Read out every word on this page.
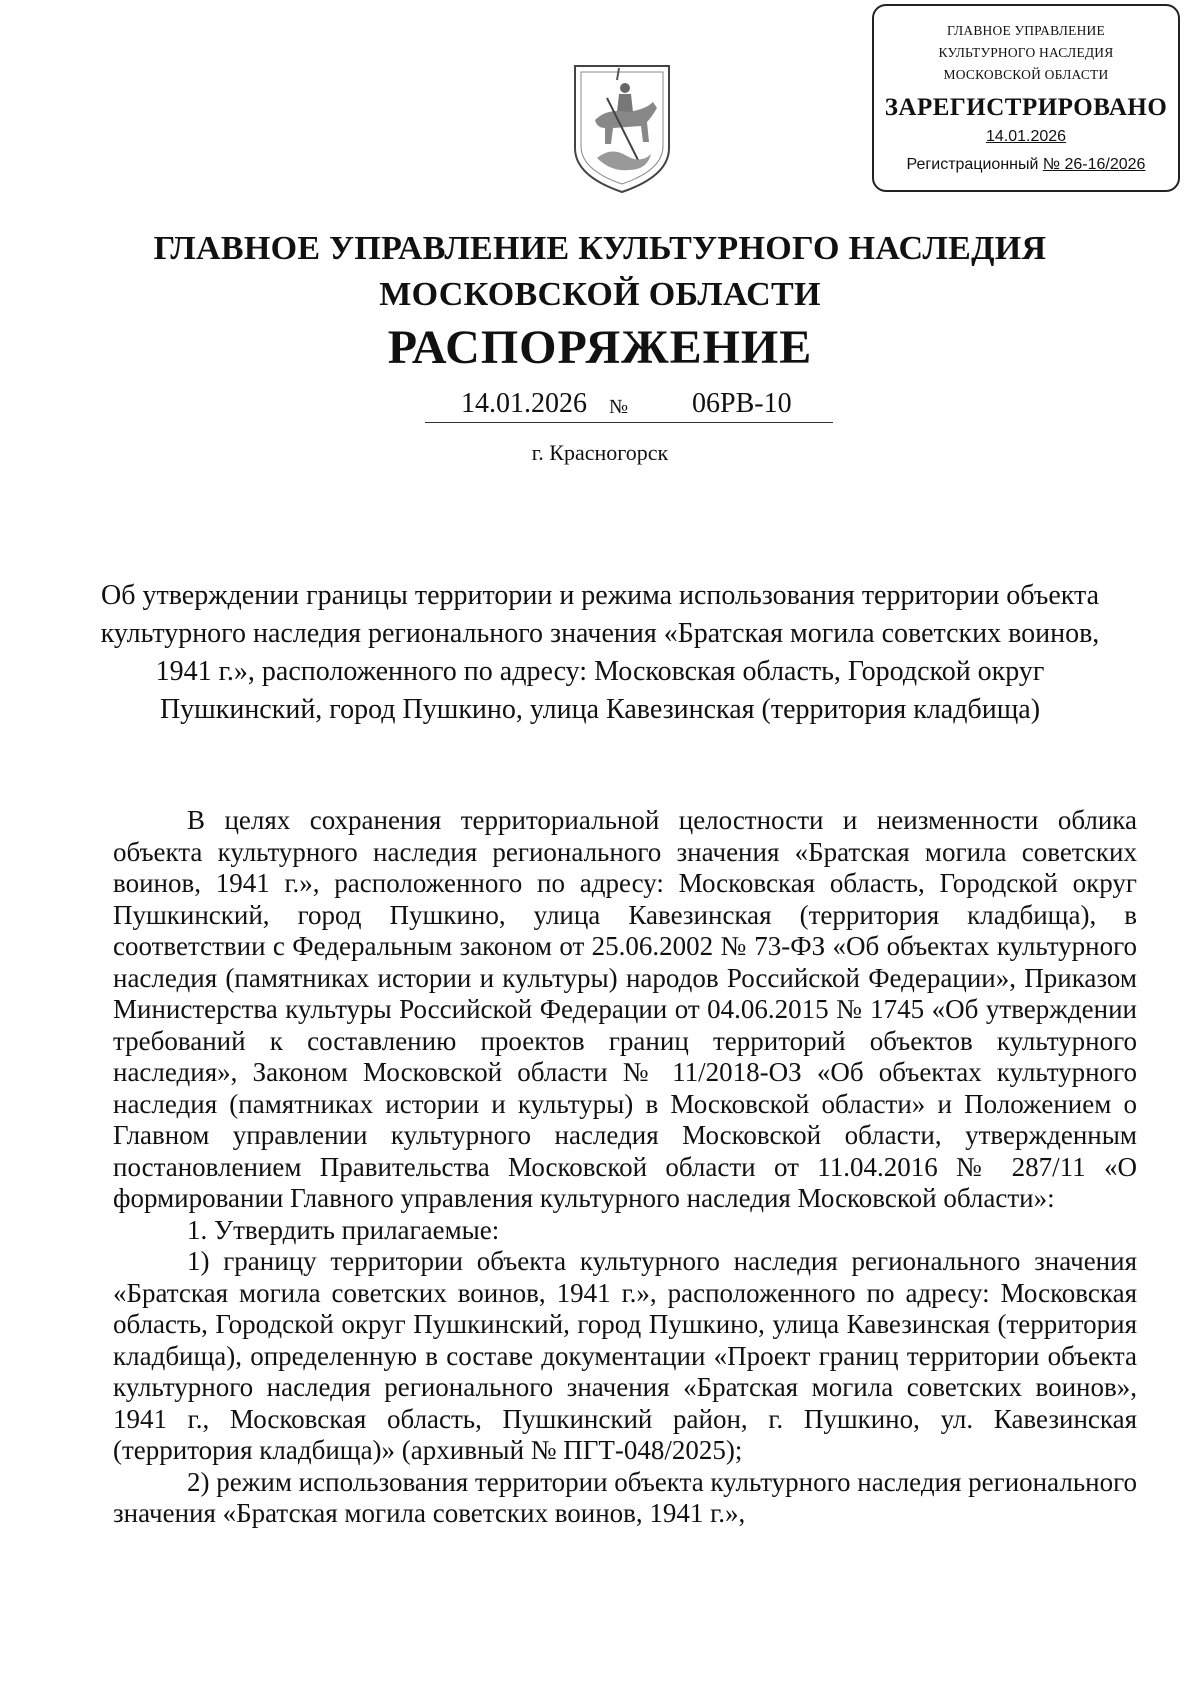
ГЛАВНОЕ УПРАВЛЕНИЕ
КУЛЬТУРНОГО НАСЛЕДИЯ
МОСКОВСКОЙ ОБЛАСТИ
ЗАРЕГИСТРИРОВАНО
14.01.2026
Регистрационный № 26-16/2026
ГЛАВНОЕ УПРАВЛЕНИЕ КУЛЬТУРНОГО НАСЛЕДИЯ
МОСКОВСКОЙ ОБЛАСТИ
РАСПОРЯЖЕНИЕ
14.01.2026 № 06РВ-10
г. Красногорск
Об утверждении границы территории и режима использования территории объекта
культурного наследия регионального значения «Братская могила советских воинов,
1941 г.», расположенного по адресу: Московская область, Городской округ
Пушкинский, город Пушкино, улица Кавезинская (территория кладбища)

В целях сохранения территориальной целостности и неизменности облика объекта культурного наследия регионального значения «Братская могила советских воинов, 1941 г.», расположенного по адресу: Московская область, Городской округ Пушкинский, город Пушкино, улица Кавезинская (территория кладбища), в соответствии с Федеральным законом от 25.06.2002 № 73-ФЗ «Об объектах культурного наследия (памятниках истории и культуры) народов Российской Федерации», Приказом Министерства культуры Российской Федерации от 04.06.2015 № 1745 «Об утверждении требований к составлению проектов границ территорий объектов культурного наследия», Законом Московской области № 11/2018-ОЗ «Об объектах культурного наследия (памятниках истории и культуры) в Московской области» и Положением о Главном управлении культурного наследия Московской области, утвержденным постановлением Правительства Московской области от 11.04.2016 № 287/11 «О формировании Главного управления культурного наследия Московской области»:

1. Утвердить прилагаемые:

1) границу территории объекта культурного наследия регионального значения «Братская могила советских воинов, 1941 г.», расположенного по адресу: Московская область, Городской округ Пушкинский, город Пушкино, улица Кавезинская (территория кладбища), определенную в составе документации «Проект границ территории объекта культурного наследия регионального значения «Братская могила советских воинов», 1941 г., Московская область, Пушкинский район, г. Пушкино, ул. Кавезинская (территория кладбища)» (архивный № ПГТ-048/2025);

2) режим использования территории объекта культурного наследия регионального значения «Братская могила советских воинов, 1941 г.»,
